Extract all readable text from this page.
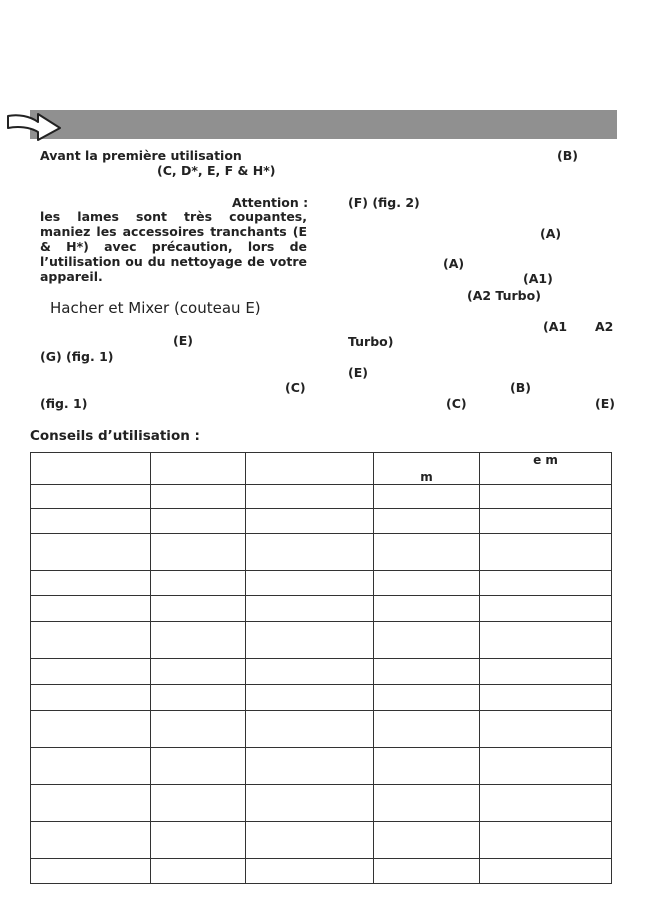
Avant la première utilisation
(C, D*, E, F & H*)
Attention :
les lames sont très coupantes,
maniez les accessoires tranchants (E
& H*) avec précaution, lors de
l’utilisation ou du nettoyage de votre
appareil.
Hacher et Mixer (couteau E)
(E)
(G) (fig. 1)
(C)
(fig. 1)
(B)
(F) (fig. 2)
(A)
(A)
(A1)
(A2 Turbo)
(A1 A2
Turbo)
(E)
(B)
(C)	(E)
Conseils d’utilisation :
			m	e m
